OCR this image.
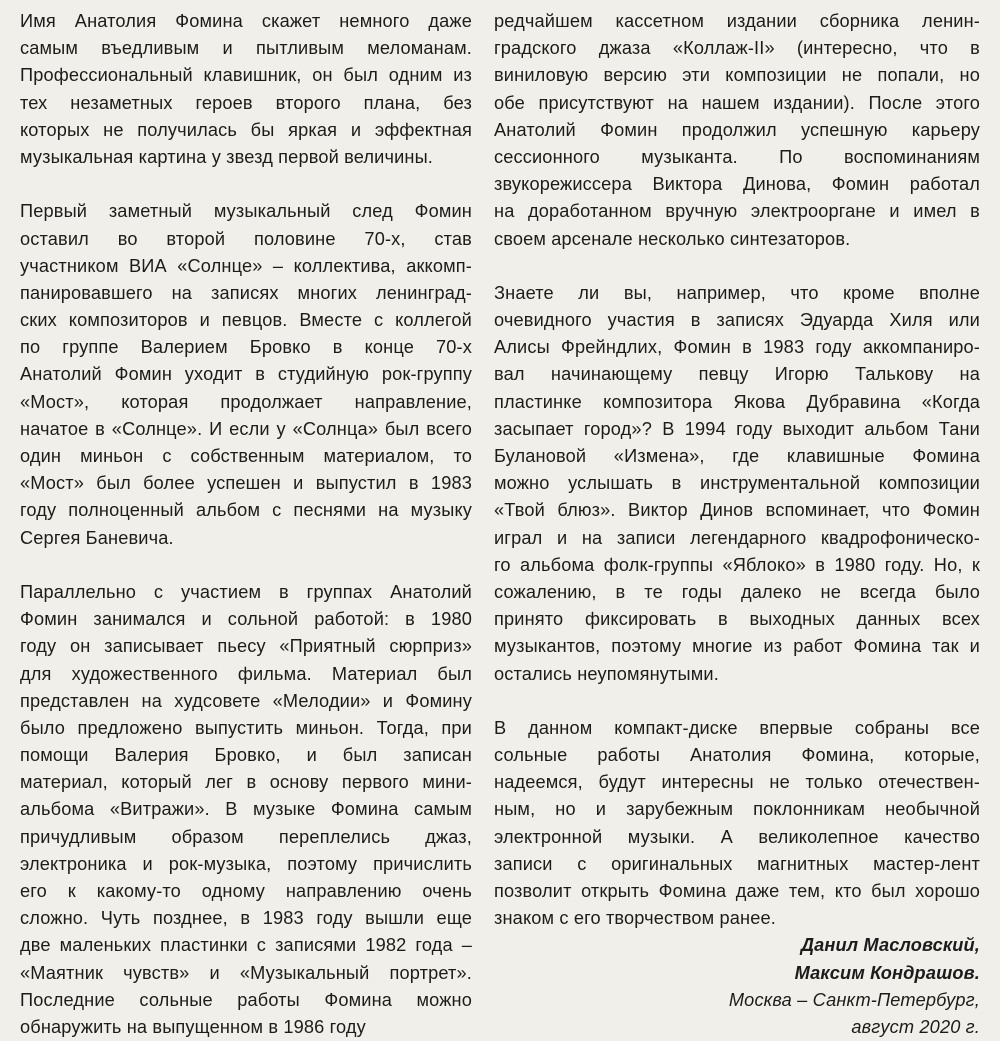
Имя Анатолия Фомина скажет немного даже
самым въедливым и пытливым меломанам.
Профессиональный клавишник, он был одним из
тех незаметных героев второго плана, без
которых не получилась бы яркая и эффектная
музыкальная картина у звезд первой величины.
Первый заметный музыкальный след Фомин
оставил во второй половине 70-х, став
участником ВИА «Солнце» – коллектива, аккомп-
панировавшего на записях многих ленинград-
ских композиторов и певцов. Вместе с коллегой
по группе Валерием Бровко в конце 70-х
Анатолий Фомин уходит в студийную рок-группу
«Мост», которая продолжает направление,
начатое в «Солнце». И если у «Солнца» был всего
один миньон с собственным материалом, то
«Мост» был более успешен и выпустил в 1983
году полноценный альбом с песнями на музыку
Сергея Баневича.
Параллельно с участием в группах Анатолий
Фомин занимался и сольной работой: в 1980
году он записывает пьесу «Приятный сюрприз»
для художественного фильма. Материал был
представлен на худсовете «Мелодии» и Фомину
было предложено выпустить миньон. Тогда, при
помощи Валерия Бровко, и был записан
материал, который лег в основу первого мини-
альбома «Витражи». В музыке Фомина самым
причудливым образом переплелись джаз,
электроника и рок-музыка, поэтому причислить
его к какому-то одному направлению очень
сложно. Чуть позднее, в 1983 году вышли еще
две маленьких пластинки с записями 1982 года –
«Маятник чувств» и «Музыкальный портрет».
Последние сольные работы Фомина можно
обнаружить на выпущенном в 1986 году
редчайшем кассетном издании сборника ленин-
градского джаза «Коллаж-II» (интересно, что в
виниловую версию эти композиции не попали, но
обе присутствуют на нашем издании). После этого
Анатолий Фомин продолжил успешную карьеру
сессионного музыканта. По воспоминаниям
звукорежиссера Виктора Динова, Фомин работал
на доработанном вручную электрооргане и имел в
своем арсенале несколько синтезаторов.
Знаете ли вы, например, что кроме вполне
очевидного участия в записях Эдуарда Хиля или
Алисы Фрейндлих, Фомин в 1983 году аккомпаниро-
вал начинающему певцу Игорю Талькову на
пластинке композитора Якова Дубравина «Когда
засыпает город»? В 1994 году выходит альбом Тани
Булановой «Измена», где клавишные Фомина
можно услышать в инструментальной композиции
«Твой блюз». Виктор Динов вспоминает, что Фомин
играл и на записи легендарного квадрофоническо-
го альбома фолк-группы «Яблоко» в 1980 году. Но, к
сожалению, в те годы далеко не всегда было
принято фиксировать в выходных данных всех
музыкантов, поэтому многие из работ Фомина так и
остались неупомянутыми.
В данном компакт-диске впервые собраны все
сольные работы Анатолия Фомина, которые,
надеемся, будут интересны не только отечествен-
ным, но и зарубежным поклонникам необычной
электронной музыки. А великолепное качество
записи с оригинальных магнитных мастер-лент
позволит открыть Фомина даже тем, кто был хорошо
знаком с его творчеством ранее.
Данил Масловский,
Максим Кондрашов.
Москва – Санкт-Петербург,
август 2020 г.
